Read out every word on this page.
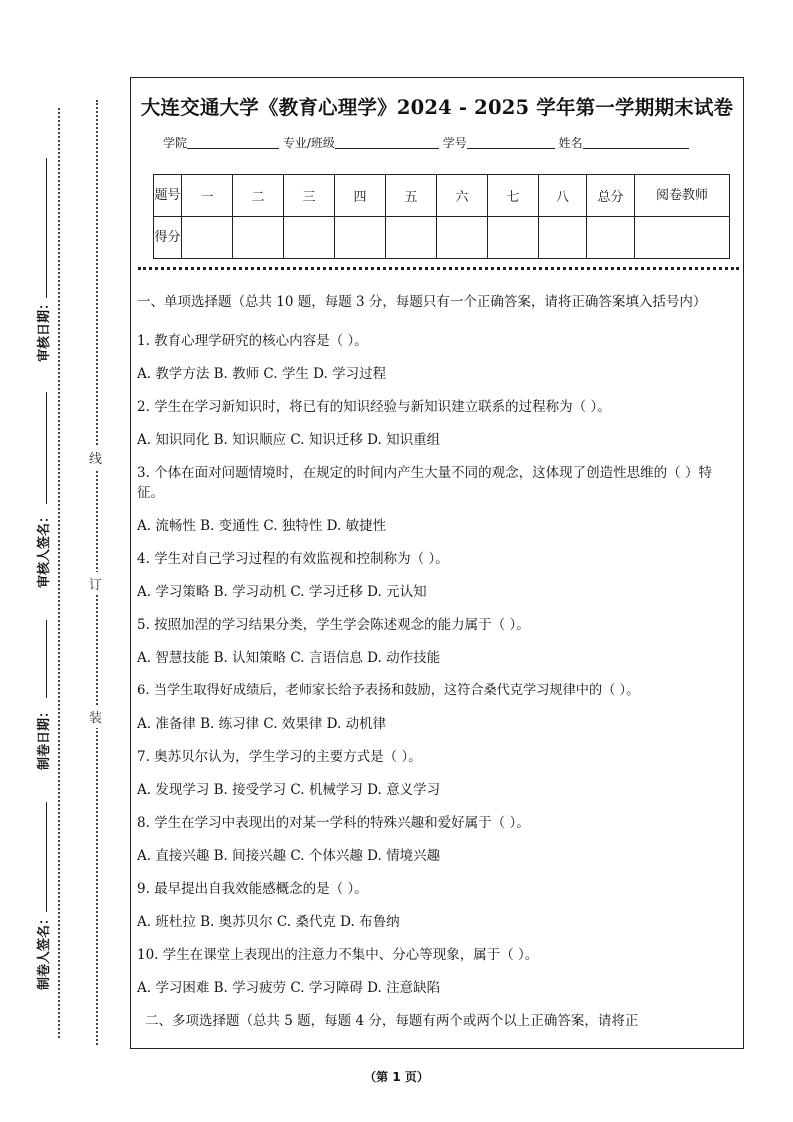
审核日期：
审核人签名：
制卷日期：
制卷人签名：
线
订
装
大连交通大学《教育心理学》2024 - 2025 学年第一学期期末试卷
学院	专业/班级	学号	姓名
题号	一	二	三	四	五	六	七	八	总分	阅卷教师
得分										

一、单项选择题（总共 10 题，每题 3 分，每题只有一个正确答案，请将正确答案填入括号内）

1. 教育心理学研究的核心内容是（ ）。

A. 教学方法 B. 教师 C. 学生 D. 学习过程

2. 学生在学习新知识时，将已有的知识经验与新知识建立联系的过程称为（ ）。

A. 知识同化 B. 知识顺应 C. 知识迁移 D. 知识重组

3. 个体在面对问题情境时，在规定的时间内产生大量不同的观念，这体现了创造性思维的（ ）特征。

A. 流畅性 B. 变通性 C. 独特性 D. 敏捷性

4. 学生对自己学习过程的有效监视和控制称为（ ）。

A. 学习策略 B. 学习动机 C. 学习迁移 D. 元认知

5. 按照加涅的学习结果分类，学生学会陈述观念的能力属于（ ）。

A. 智慧技能 B. 认知策略 C. 言语信息 D. 动作技能

6. 当学生取得好成绩后，老师家长给予表扬和鼓励，这符合桑代克学习规律中的（ ）。

A. 准备律 B. 练习律 C. 效果律 D. 动机律

7. 奥苏贝尔认为，学生学习的主要方式是（ ）。

A. 发现学习 B. 接受学习 C. 机械学习 D. 意义学习

8. 学生在学习中表现出的对某一学科的特殊兴趣和爱好属于（ ）。

A. 直接兴趣 B. 间接兴趣 C. 个体兴趣 D. 情境兴趣

9. 最早提出自我效能感概念的是（ ）。

A. 班杜拉 B. 奥苏贝尔 C. 桑代克 D. 布鲁纳

10. 学生在课堂上表现出的注意力不集中、分心等现象，属于（ ）。

A. 学习困难 B. 学习疲劳 C. 学习障碍 D. 注意缺陷

二、多项选择题（总共 5 题，每题 4 分，每题有两个或两个以上正确答案，请将正

（第 1 页）
